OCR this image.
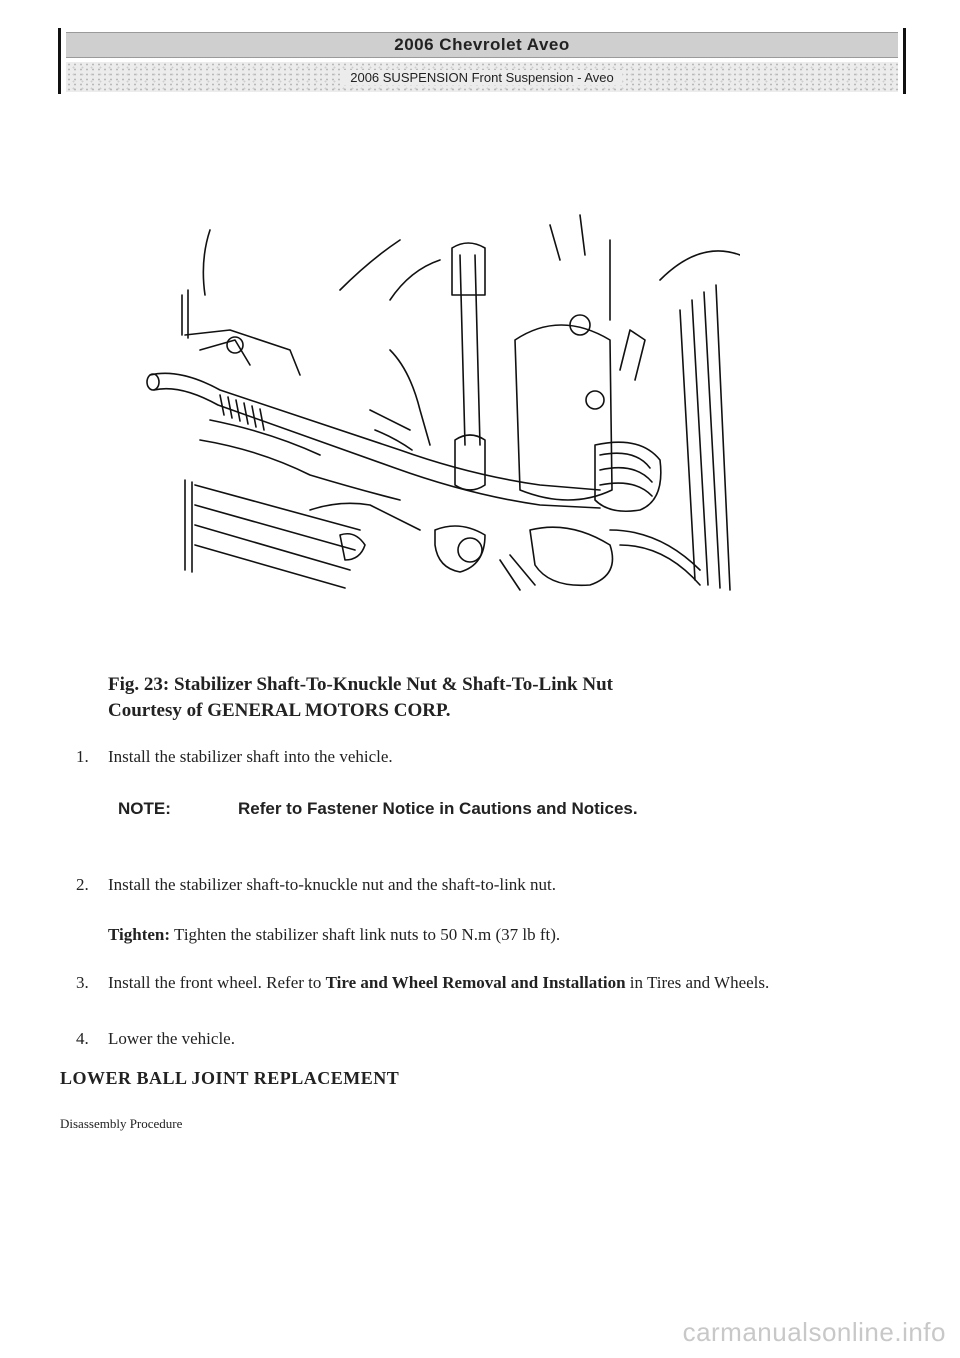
2006 Chevrolet Aveo
2006 SUSPENSION Front Suspension - Aveo
Fig. 23: Stabilizer Shaft-To-Knuckle Nut & Shaft-To-Link Nut
Courtesy of GENERAL MOTORS CORP.
1.	Install the stabilizer shaft into the vehicle.
NOTE:	Refer to Fastener Notice in Cautions and Notices.
2.	Install the stabilizer shaft-to-knuckle nut and the shaft-to-link nut.
Tighten: Tighten the stabilizer shaft link nuts to 50 N.m (37 lb ft).
3.	Install the front wheel. Refer to Tire and Wheel Removal and Installation in Tires and Wheels.
4.	Lower the vehicle.
LOWER BALL JOINT REPLACEMENT
Disassembly Procedure
carmanualsonline.info
